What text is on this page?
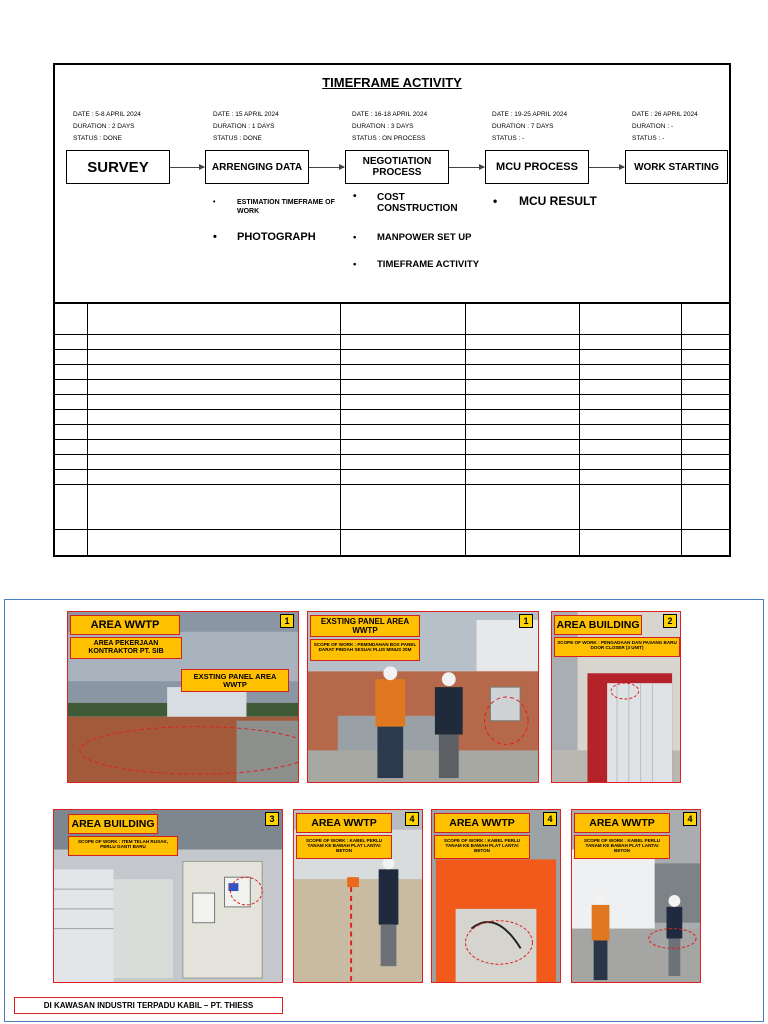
TIMEFRAME ACTIVITY
DATE : 5-8 APRIL 2024
DURATION : 2 DAYS
STATUS : DONE
DATE : 15 APRIL 2024
DURATION : 1 DAYS
STATUS : DONE
DATE : 16-18 APRIL 2024
DURATION : 3 DAYS
STATUS : ON PROCESS
DATE : 19-25 APRIL 2024
DURATION : 7 DAYS
STATUS : -
DATE : 26 APRIL 2024
DURATION : -
STATUS : -
SURVEY	ARRENGING DATA	NEGOTIATION PROCESS	MCU PROCESS	WORK STARTING
•	ESTIMATION TIMEFRAME OF WORK
• PHOTOGRAPH
• COST CONSTRUCTION
• MANPOWER SET UP
• TIMEFRAME ACTIVITY
• MCU RESULT
AREA WWTP
AREA PEKERJAAN KONTRAKTOR PT. SIB
EXSTING PANEL AREA WWTP
1	EXSTING PANEL AREA WWTP
SCOPE OF WORK : PEMINDAHAN BOX PANEL DARAT PINDAH SESUAI PLUS MINUS 20M
1	AREA BUILDING
SCOPE OF WORK : PENGADAAN DAN PASANG BARU DOOR CLOSER (3 UNIT)
2
AREA BUILDING
SCOPE OF WORK : ITEM TELAH RUSAK, PERLU GANTI BARU
3	AREA WWTP
SCOPE OF WORK : KABEL PERLU TANAM KE BAWAH PLAT LANTAI BETON
4	AREA WWTP
SCOPE OF WORK : KABEL PERLU TANAM KE BAWAH PLAT LANTAI BETON
4	AREA WWTP
SCOPE OF WORK : KABEL PERLU TANAM KE BAWAH PLAT LANTAI BETON
4
DI KAWASAN INDUSTRI TERPADU KABIL – PT. THIESS
